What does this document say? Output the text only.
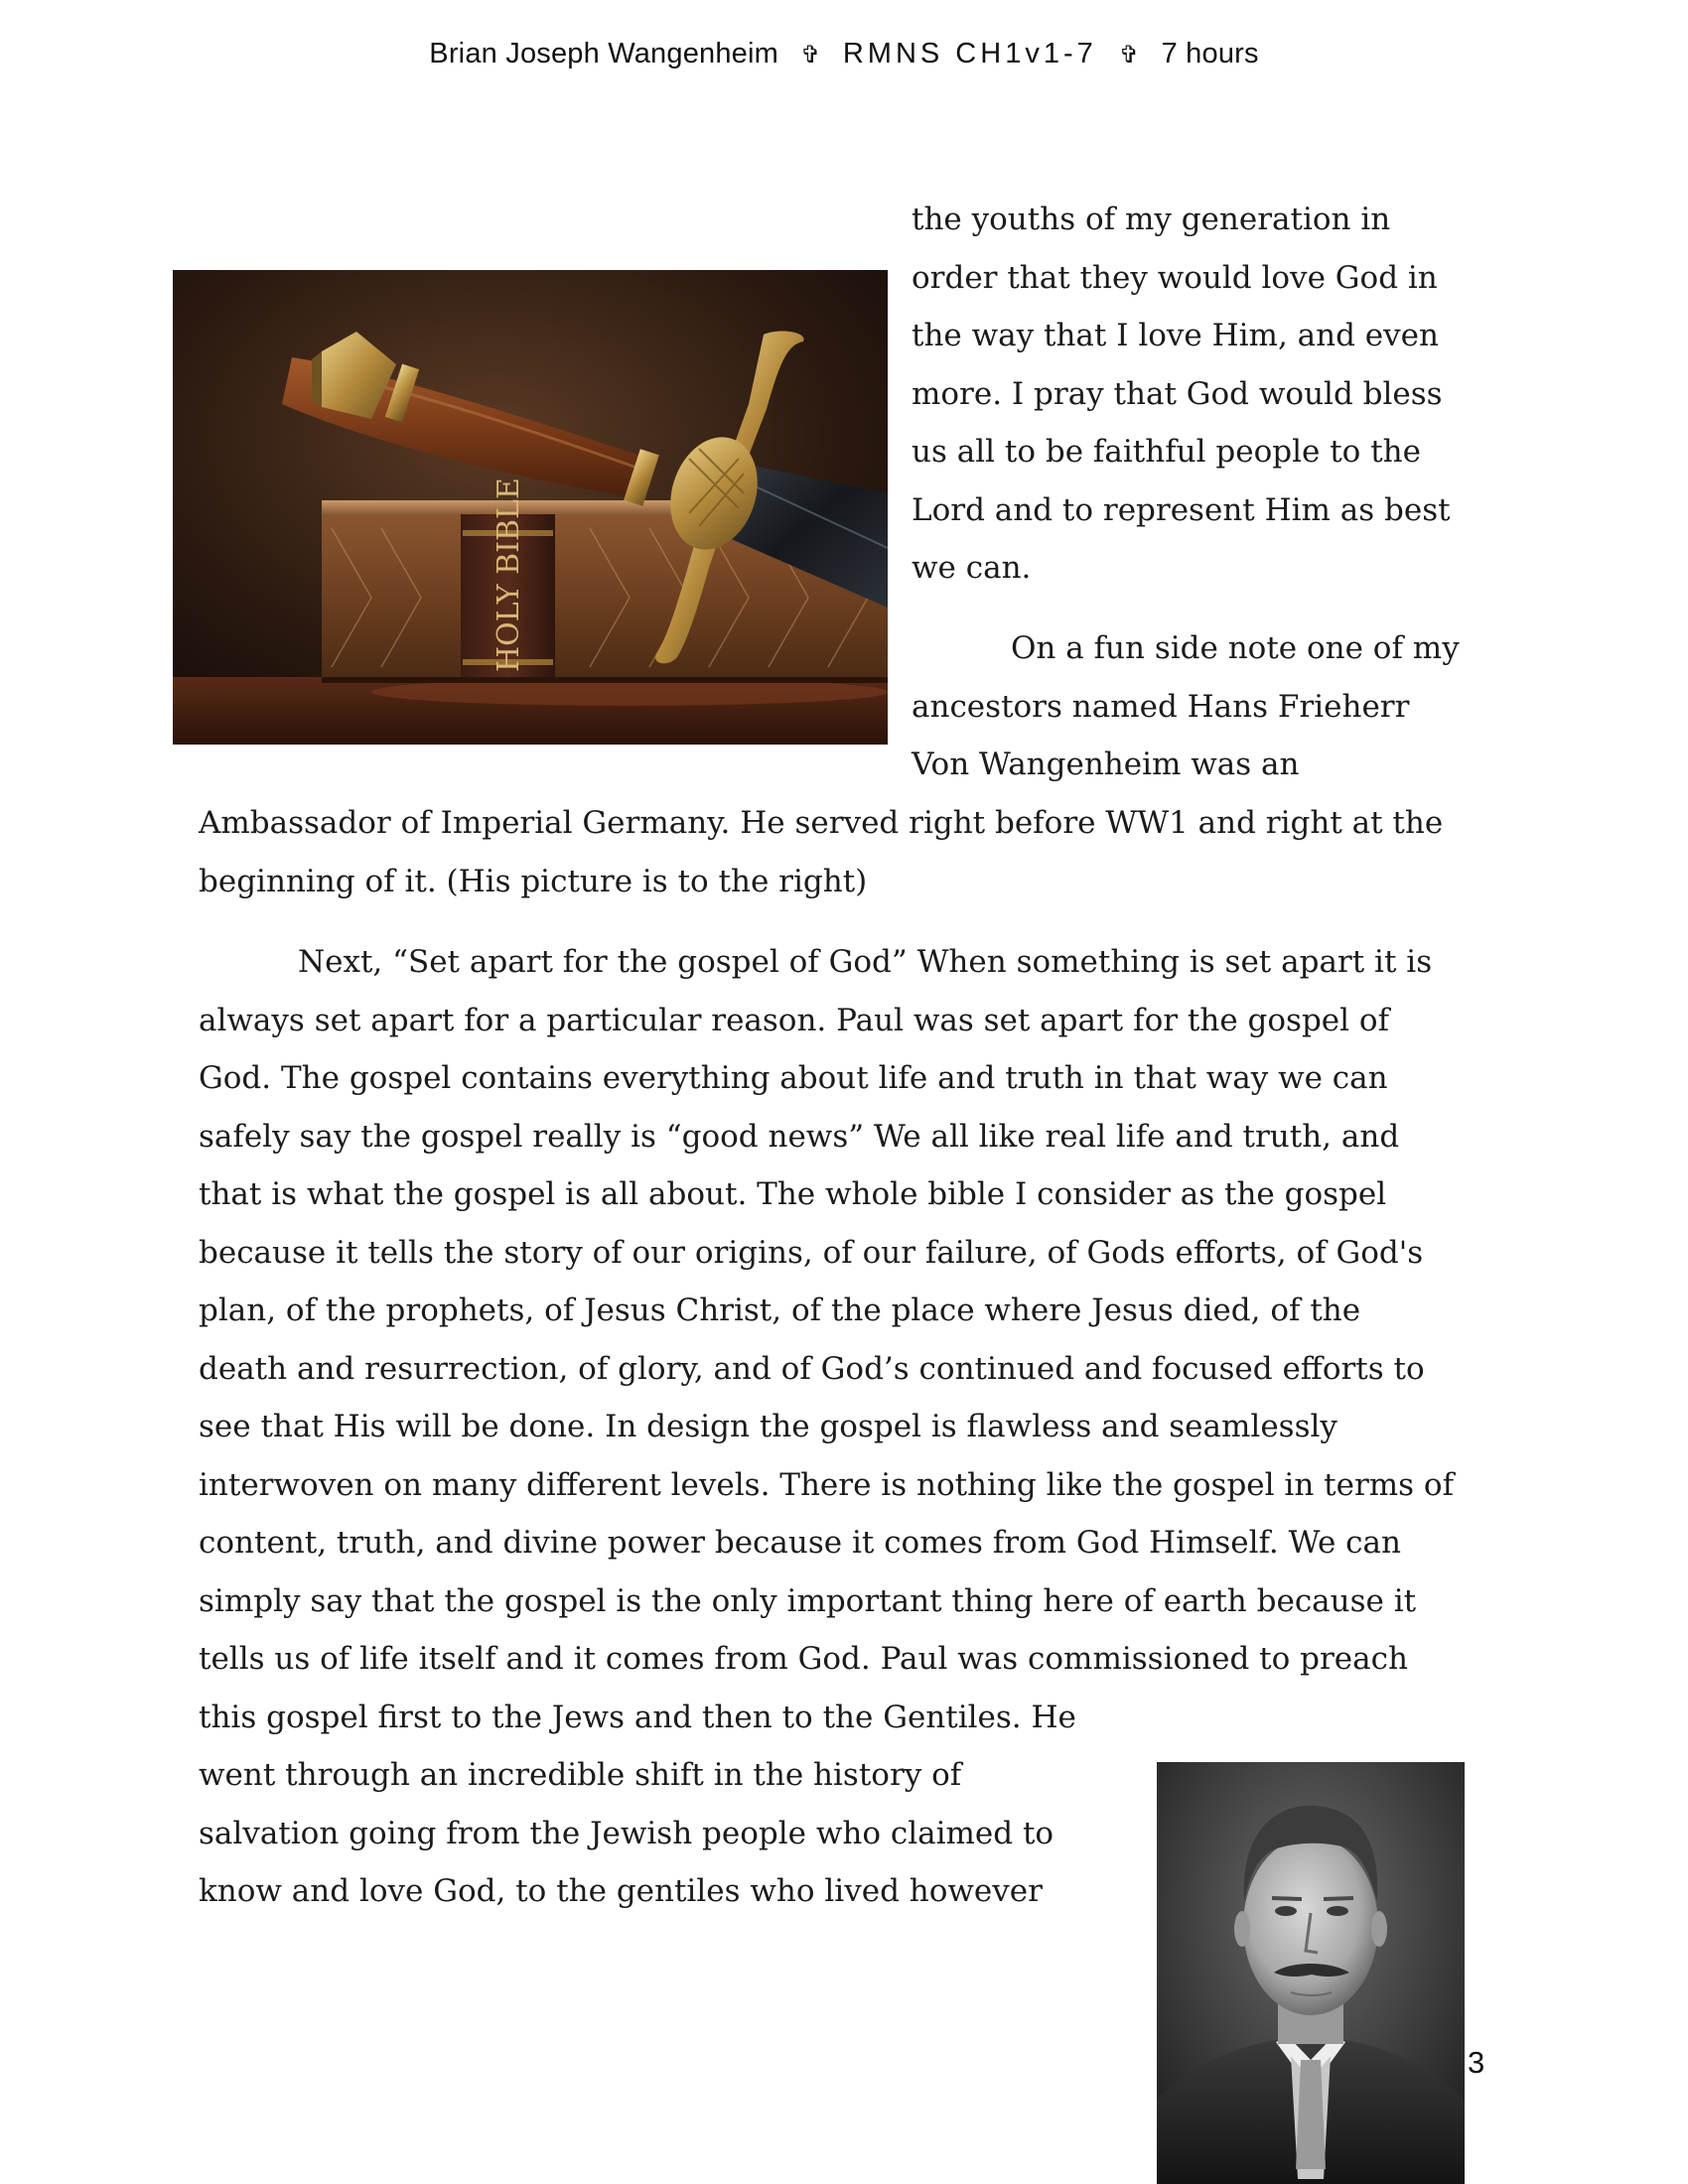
Brian Joseph Wangenheim ✞ RMNS CH1v1-7 ✞ 7 hours
HOLY BIBLE
the youths of my generation in
order that they would love God in
the way that I love Him, and even
more. I pray that God would bless
us all to be faithful people to the
Lord and to represent Him as best
we can.
On a fun side note one of my
ancestors named Hans Frieherr
Von Wangenheim was an
Ambassador of Imperial Germany. He served right before WW1 and right at the
beginning of it. (His picture is to the right)
Next, “Set apart for the gospel of God” When something is set apart it is
always set apart for a particular reason. Paul was set apart for the gospel of
God. The gospel contains everything about life and truth in that way we can
safely say the gospel really is “good news” We all like real life and truth, and
that is what the gospel is all about. The whole bible I consider as the gospel
because it tells the story of our origins, of our failure, of Gods efforts, of God's
plan, of the prophets, of Jesus Christ, of the place where Jesus died, of the
death and resurrection, of glory, and of God’s continued and focused efforts to
see that His will be done. In design the gospel is flawless and seamlessly
interwoven on many different levels. There is nothing like the gospel in terms of
content, truth, and divine power because it comes from God Himself. We can
simply say that the gospel is the only important thing here of earth because it
tells us of life itself and it comes from God. Paul was commissioned to preach
this gospel first to the Jews and then to the Gentiles. He
went through an incredible shift in the history of
salvation going from the Jewish people who claimed to
know and love God, to the gentiles who lived however
3
